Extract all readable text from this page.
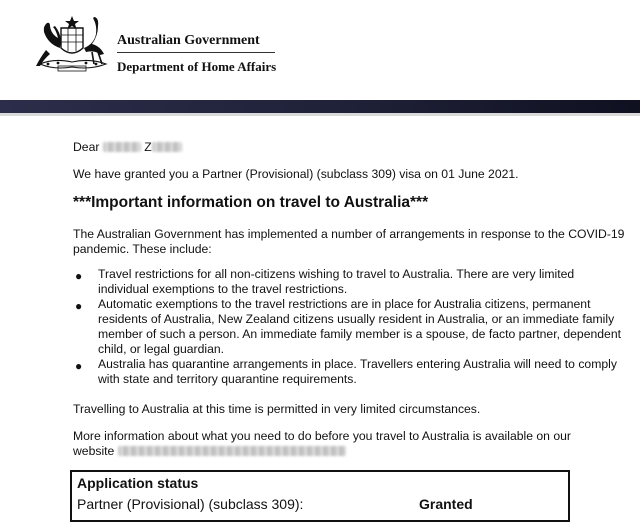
Australian Government
Department of Home Affairs
Dear	Z
We have granted you a Partner (Provisional) (subclass 309) visa on 01 June 2021.
***Important information on travel to Australia***
The Australian Government has implemented a number of arrangements in response to the COVID-19 pandemic. These include:
● Travel restrictions for all non-citizens wishing to travel to Australia. There are very limited individual exemptions to the travel restrictions.
● Automatic exemptions to the travel restrictions are in place for Australia citizens, permanent residents of Australia, New Zealand citizens usually resident in Australia, or an immediate family member of such a person. An immediate family member is a spouse, de facto partner, dependent child, or legal guardian.
● Australia has quarantine arrangements in place. Travellers entering Australia will need to comply with state and territory quarantine requirements.
Travelling to Australia at this time is permitted in very limited circumstances.
More information about what you need to do before you travel to Australia is available on our
website
Application status
Partner (Provisional) (subclass 309):	Granted
